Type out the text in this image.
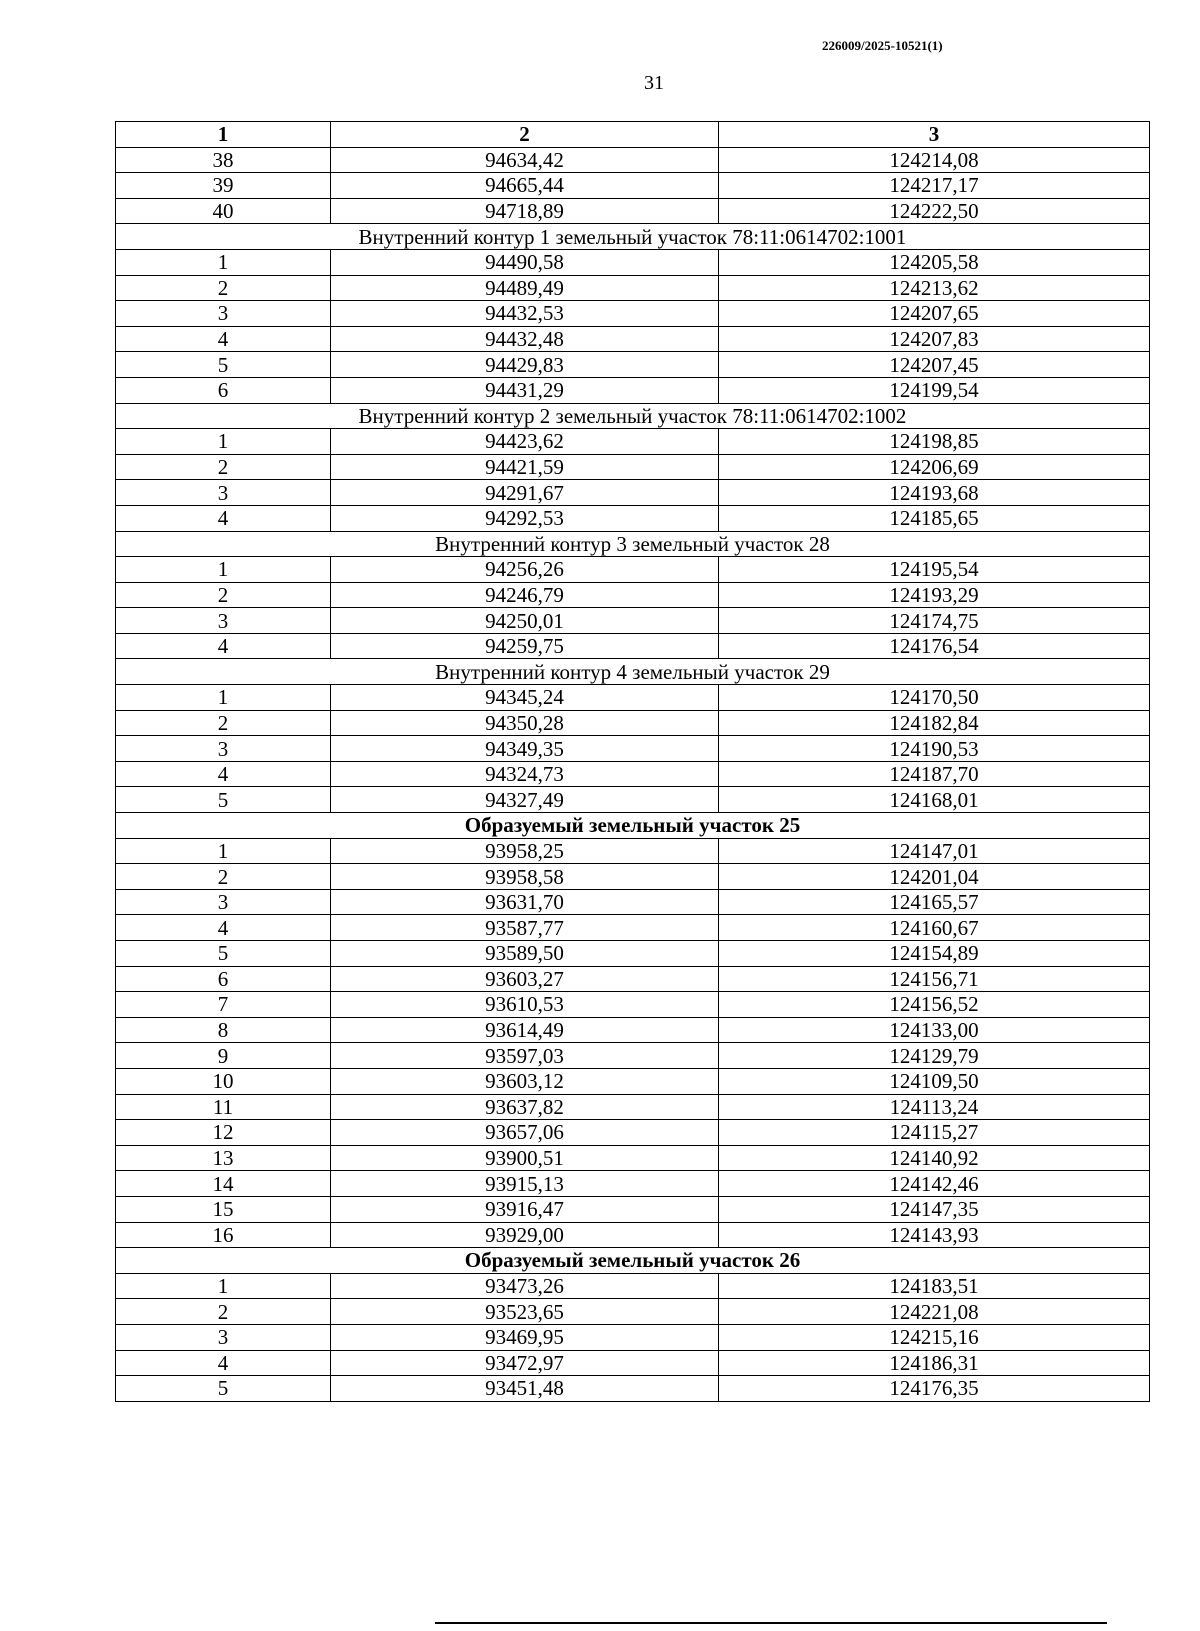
226009/2025-10521(1)
31
1	2	3
38	94634,42	124214,08
39	94665,44	124217,17
40	94718,89	124222,50
Внутренний контур 1 земельный участок 78:11:0614702:1001		
1	94490,58	124205,58
2	94489,49	124213,62
3	94432,53	124207,65
4	94432,48	124207,83
5	94429,83	124207,45
6	94431,29	124199,54
Внутренний контур 2 земельный участок 78:11:0614702:1002		
1	94423,62	124198,85
2	94421,59	124206,69
3	94291,67	124193,68
4	94292,53	124185,65
Внутренний контур 3 земельный участок 28		
1	94256,26	124195,54
2	94246,79	124193,29
3	94250,01	124174,75
4	94259,75	124176,54
Внутренний контур 4 земельный участок 29		
1	94345,24	124170,50
2	94350,28	124182,84
3	94349,35	124190,53
4	94324,73	124187,70
5	94327,49	124168,01
Образуемый земельный участок 25		
1	93958,25	124147,01
2	93958,58	124201,04
3	93631,70	124165,57
4	93587,77	124160,67
5	93589,50	124154,89
6	93603,27	124156,71
7	93610,53	124156,52
8	93614,49	124133,00
9	93597,03	124129,79
10	93603,12	124109,50
11	93637,82	124113,24
12	93657,06	124115,27
13	93900,51	124140,92
14	93915,13	124142,46
15	93916,47	124147,35
16	93929,00	124143,93
Образуемый земельный участок 26		
1	93473,26	124183,51
2	93523,65	124221,08
3	93469,95	124215,16
4	93472,97	124186,31
5	93451,48	124176,35
